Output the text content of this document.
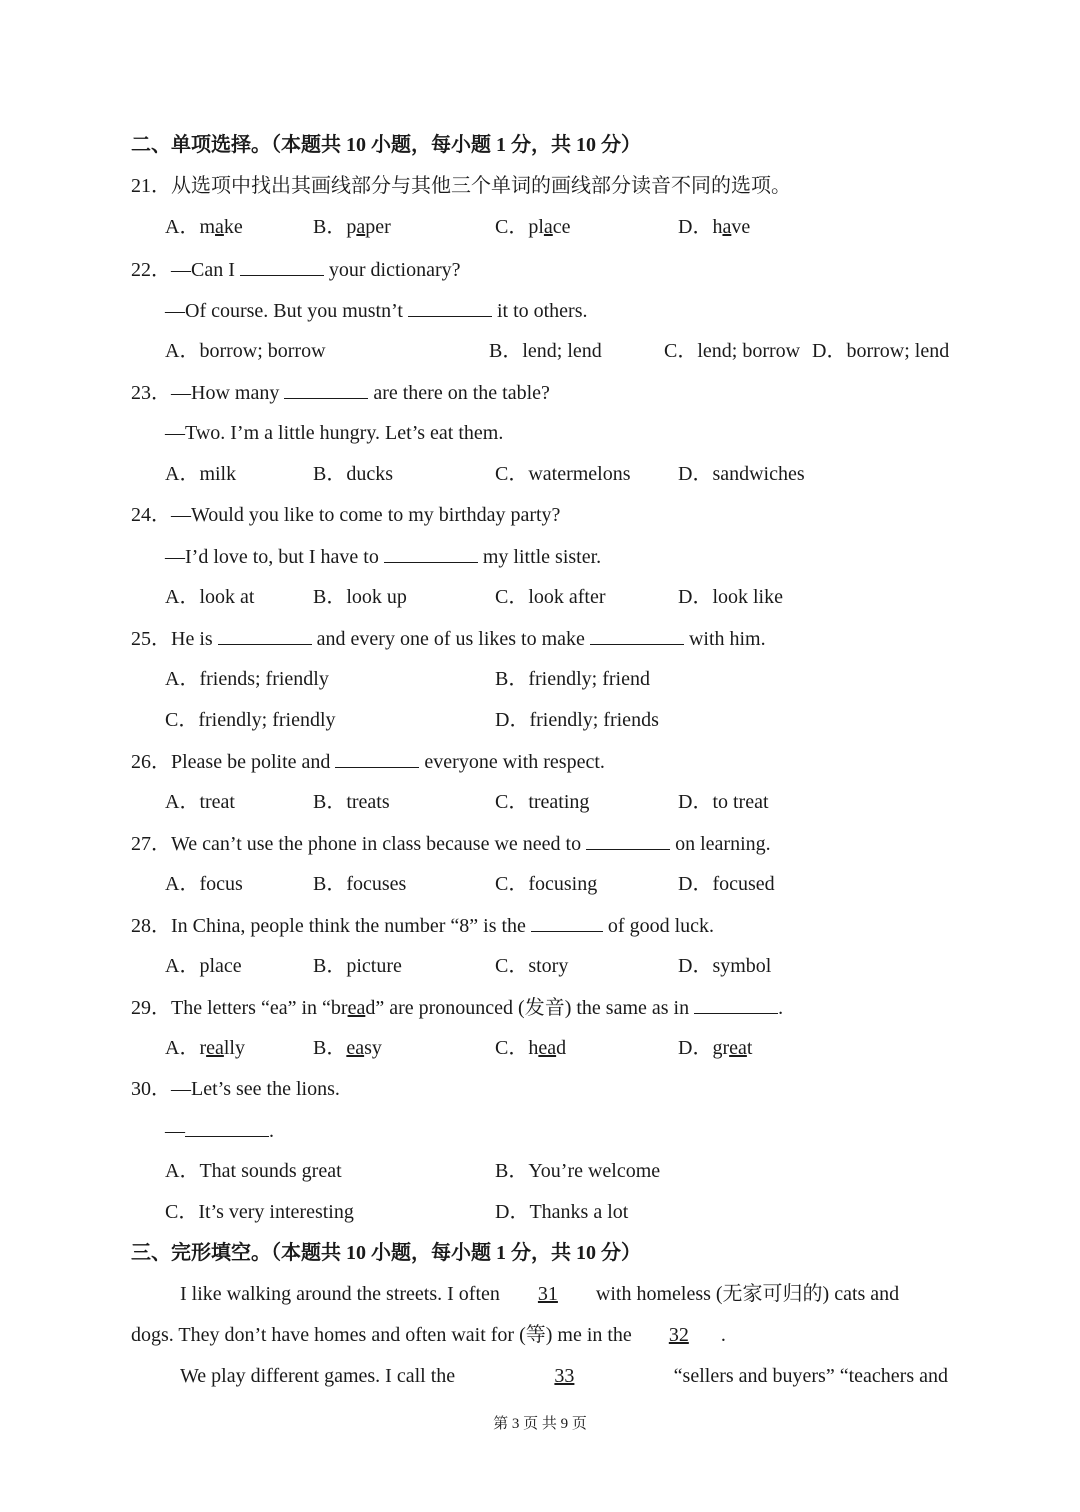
二、单项选择。（本题共 10 小题，每小题 1 分，共 10 分）
21．从选项中找出其画线部分与其他三个单词的画线部分读音不同的选项。
A．make	B．paper	C．place	D．have
22．—Can I	your dictionary?
—Of course. But you mustn’t	it to others.
A．borrow; borrow	B．lend; lend	C．lend; borrow D．borrow; lend
23．—How many	are there on the table?
—Two. I’m a little hungry. Let’s eat them.
A．milk	B．ducks	C．watermelons D．sandwiches
24．—Would you like to come to my birthday party?
—I’d love to, but I have to	my little sister.
A．look at	B．look up	C．look after	D．look like
25．He is	and every one of us likes to make	with him.
A．friends; friendly	B．friendly; friend
C．friendly; friendly	D．friendly; friends
26．Please be polite and	everyone with respect.
A．treat	B．treats	C．treating	D．to treat
27．We can’t use the phone in class because we need to	on learning.
A．focus	B．focuses	C．focusing	D．focused
28．In China, people think the number “8” is the	of good luck.
A．place	B．picture	C．story	D．symbol
29．The letters “ea” in “bread” are pronounced (发音) the same as in	.
A．really	B．easy	C．head	D．great
30．—Let’s see the lions.
—	.
A．That sounds great	B．You’re welcome
C．It’s very interesting	D．Thanks a lot
三、完形填空。（本题共 10 小题，每小题 1 分，共 10 分）
I like walking around the streets. I often 31 with homeless (无家可归的) cats and
dogs. They don’t have homes and often wait for (等) me in the 32 .
We play different games. I call the	33	“sellers and buyers” “teachers and
第 3 页 共 9 页
